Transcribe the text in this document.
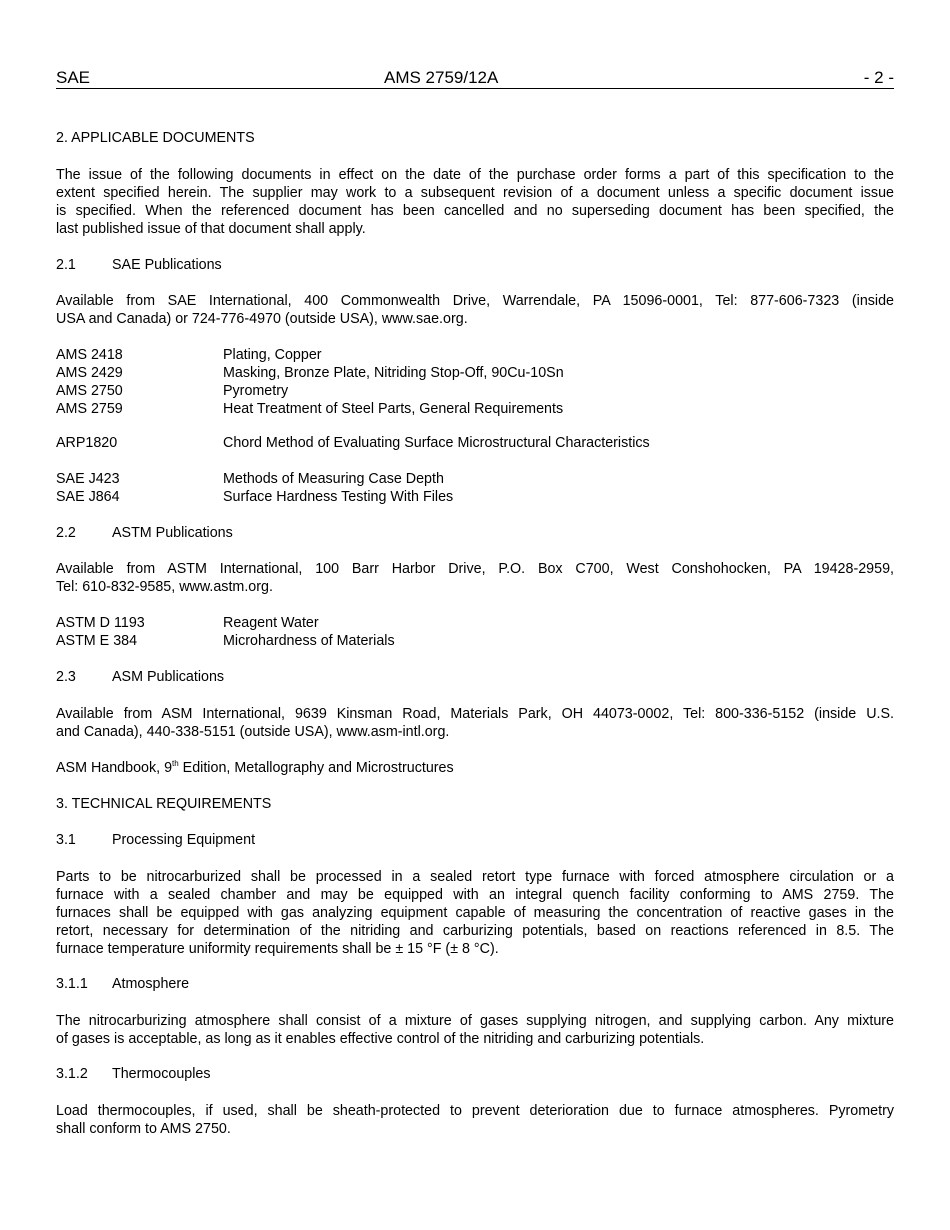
SAE	AMS 2759/12A	- 2 -
2. APPLICABLE DOCUMENTS
The issue of the following documents in effect on the date of the purchase order forms a part of this specification to the
extent specified herein. The supplier may work to a subsequent revision of a document unless a specific document issue
is specified. When the referenced document has been cancelled and no superseding document has been specified, the
last published issue of that document shall apply.
2.1	SAE Publications
Available from SAE International, 400 Commonwealth Drive, Warrendale, PA 15096-0001, Tel: 877-606-7323 (inside
USA and Canada) or 724-776-4970 (outside USA), www.sae.org.
AMS 2418	Plating, Copper
AMS 2429	Masking, Bronze Plate, Nitriding Stop-Off, 90Cu-10Sn
AMS 2750	Pyrometry
AMS 2759	Heat Treatment of Steel Parts, General Requirements
ARP1820	Chord Method of Evaluating Surface Microstructural Characteristics
SAE J423	Methods of Measuring Case Depth
SAE J864	Surface Hardness Testing With Files
2.2	ASTM Publications
Available from ASTM International, 100 Barr Harbor Drive, P.O. Box C700, West Conshohocken, PA 19428-2959,
Tel: 610-832-9585, www.astm.org.
ASTM D 1193	Reagent Water
ASTM E 384	Microhardness of Materials
2.3	ASM Publications
Available from ASM International, 9639 Kinsman Road, Materials Park, OH 44073-0002, Tel: 800-336-5152 (inside U.S.
and Canada), 440-338-5151 (outside USA), www.asm-intl.org.
ASM Handbook, 9th Edition, Metallography and Microstructures
3. TECHNICAL REQUIREMENTS
3.1	Processing Equipment
Parts to be nitrocarburized shall be processed in a sealed retort type furnace with forced atmosphere circulation or a
furnace with a sealed chamber and may be equipped with an integral quench facility conforming to AMS 2759. The
furnaces shall be equipped with gas analyzing equipment capable of measuring the concentration of reactive gases in the
retort, necessary for determination of the nitriding and carburizing potentials, based on reactions referenced in 8.5. The
furnace temperature uniformity requirements shall be ± 15 °F (± 8 °C).
3.1.1 Atmosphere
The nitrocarburizing atmosphere shall consist of a mixture of gases supplying nitrogen, and supplying carbon. Any mixture
of gases is acceptable, as long as it enables effective control of the nitriding and carburizing potentials.
3.1.2 Thermocouples
Load thermocouples, if used, shall be sheath-protected to prevent deterioration due to furnace atmospheres. Pyrometry
shall conform to AMS 2750.
